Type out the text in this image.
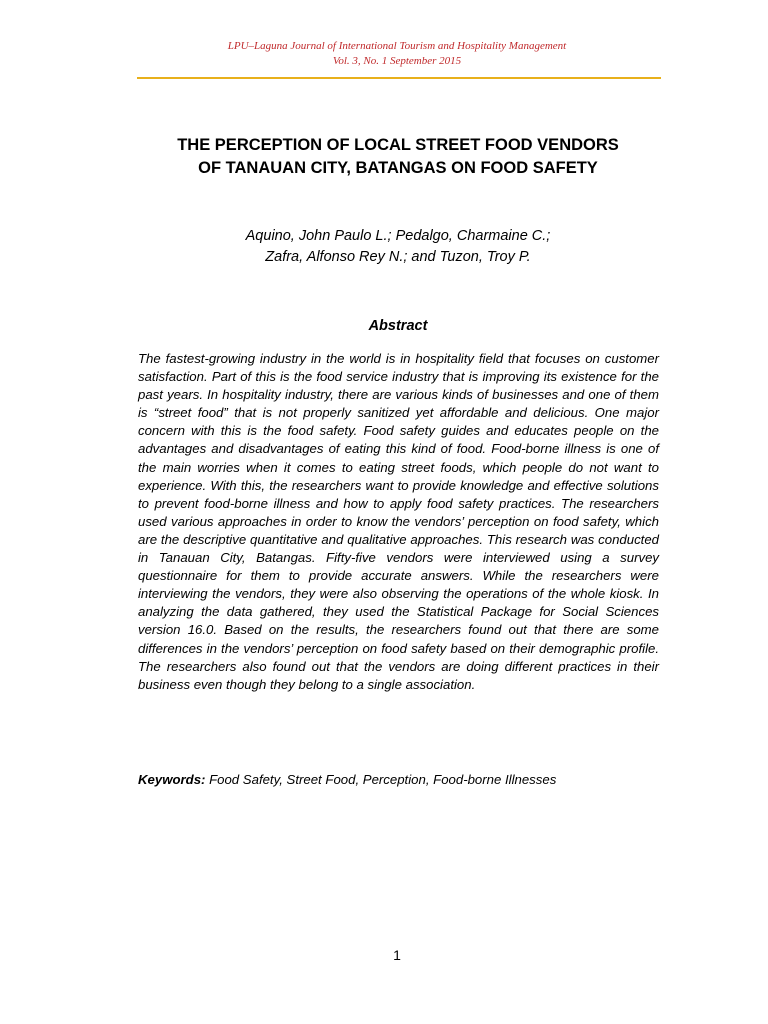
LPU–Laguna Journal of International Tourism and Hospitality Management
Vol. 3, No. 1 September 2015
THE PERCEPTION OF LOCAL STREET FOOD VENDORS
OF TANAUAN CITY, BATANGAS ON FOOD SAFETY
Aquino, John Paulo L.; Pedalgo, Charmaine C.;
Zafra, Alfonso Rey N.; and Tuzon, Troy P.
Abstract
The fastest-growing industry in the world is in hospitality field that focuses on customer satisfaction. Part of this is the food service industry that is improving its existence for the past years. In hospitality industry, there are various kinds of businesses and one of them is “street food” that is not properly sanitized yet affordable and delicious. One major concern with this is the food safety. Food safety guides and educates people on the advantages and disadvantages of eating this kind of food. Food-borne illness is one of the main worries when it comes to eating street foods, which people do not want to experience. With this, the researchers want to provide knowledge and effective solutions to prevent food-borne illness and how to apply food safety practices. The researchers used various approaches in order to know the vendors’ perception on food safety, which are the descriptive quantitative and qualitative approaches. This research was conducted in Tanauan City, Batangas. Fifty-five vendors were interviewed using a survey questionnaire for them to provide accurate answers. While the researchers were interviewing the vendors, they were also observing the operations of the whole kiosk. In analyzing the data gathered, they used the Statistical Package for Social Sciences version 16.0. Based on the results, the researchers found out that there are some differences in the vendors’ perception on food safety based on their demographic profile. The researchers also found out that the vendors are doing different practices in their business even though they belong to a single association.
Keywords: Food Safety, Street Food, Perception, Food-borne Illnesses
1
